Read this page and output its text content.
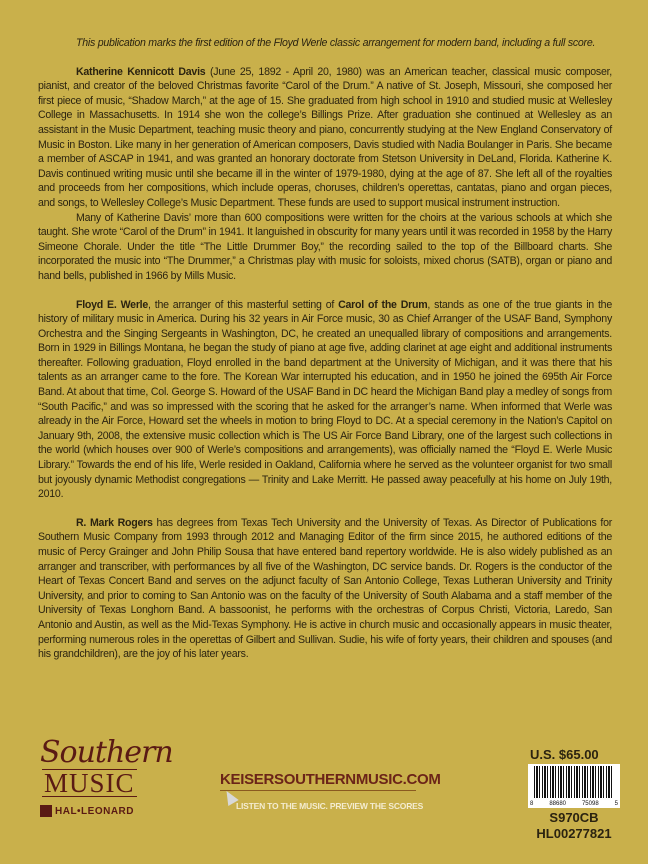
This publication marks the first edition of the Floyd Werle classic arrangement for modern band, including a full score.

Katherine Kennicott Davis (June 25, 1892 - April 20, 1980) was an American teacher, classical music composer, pianist, and creator of the beloved Christmas favorite “Carol of the Drum.” A native of St. Joseph, Missouri, she composed her first piece of music, “Shadow March,” at the age of 15. She graduated from high school in 1910 and studied music at Wellesley College in Massachusetts. In 1914 she won the college’s Billings Prize. After graduation she continued at Wellesley as an assistant in the Music Department, teaching music theory and piano, concurrently studying at the New England Conservatory of Music in Boston. Like many in her generation of American composers, Davis studied with Nadia Boulanger in Paris. She became a member of ASCAP in 1941, and was granted an honorary doctorate from Stetson University in DeLand, Florida. Katherine K. Davis continued writing music until she became ill in the winter of 1979-1980, dying at the age of 87. She left all of the royalties and proceeds from her compositions, which include operas, choruses, children’s operettas, cantatas, piano and organ pieces, and songs, to Wellesley College’s Music Department. These funds are used to support musical instrument instruction.

Many of Katherine Davis’ more than 600 compositions were written for the choirs at the various schools at which she taught. She wrote “Carol of the Drum” in 1941. It languished in obscurity for many years until it was recorded in 1958 by the Harry Simeone Chorale. Under the title “The Little Drummer Boy,” the recording sailed to the top of the Billboard charts. She incorporated the music into “The Drummer,” a Christmas play with music for soloists, mixed chorus (SATB), organ or piano and hand bells, published in 1966 by Mills Music.

Floyd E. Werle, the arranger of this masterful setting of Carol of the Drum, stands as one of the true giants in the history of military music in America. During his 32 years in Air Force music, 30 as Chief Arranger of the USAF Band, Symphony Orchestra and the Singing Sergeants in Washington, DC, he created an unequalled library of compositions and arrangements. Born in 1929 in Billings Montana, he began the study of piano at age five, adding clarinet at age eight and additional instruments thereafter. Following graduation, Floyd enrolled in the band department at the University of Michigan, and it was there that his talents as an arranger came to the fore. The Korean War interrupted his education, and in 1950 he joined the 695th Air Force Band. At about that time, Col. George S. Howard of the USAF Band in DC heard the Michigan Band play a medley of songs from “South Pacific,” and was so impressed with the scoring that he asked for the arranger’s name. When informed that Werle was already in the Air Force, Howard set the wheels in motion to bring Floyd to DC. At a special ceremony in the Nation’s Capitol on January 9th, 2008, the extensive music collection which is The US Air Force Band Library, one of the largest such collections in the world (which houses over 900 of Werle’s compositions and arrangements), was officially named the “Floyd E. Werle Music Library.” Towards the end of his life, Werle resided in Oakland, California where he served as the volunteer organist for two small but joyously dynamic Methodist congregations — Trinity and Lake Merritt. He passed away peacefully at his home on July 19th, 2010.

R. Mark Rogers has degrees from Texas Tech University and the University of Texas. As Director of Publications for Southern Music Company from 1993 through 2012 and Managing Editor of the firm since 2015, he authored editions of the music of Percy Grainger and John Philip Sousa that have entered band repertory worldwide. He is also widely published as an arranger and transcriber, with performances by all five of the Washington, DC service bands. Dr. Rogers is the conductor of the Heart of Texas Concert Band and serves on the adjunct faculty of San Antonio College, Texas Lutheran University and Trinity University, and prior to coming to San Antonio was on the faculty of the University of South Alabama and a staff member of the University of Texas Longhorn Band. A bassoonist, he performs with the orchestras of Corpus Christi, Victoria, Laredo, San Antonio and Austin, as well as the Mid-Texas Symphony. He is active in church music and occasionally appears in music theater, performing numerous roles in the operettas of Gilbert and Sullivan. Sudie, his wife of forty years, their children and spouses (and his grandchildren), are the joy of his later years.

Southern
MUSIC
HAL•LEONARD
KEISERSOUTHERNMUSIC.COM
LISTEN TO THE MUSIC. PREVIEW THE SCORES
U.S. $65.00
8	88680	75098	5
S970CB
HL00277821
